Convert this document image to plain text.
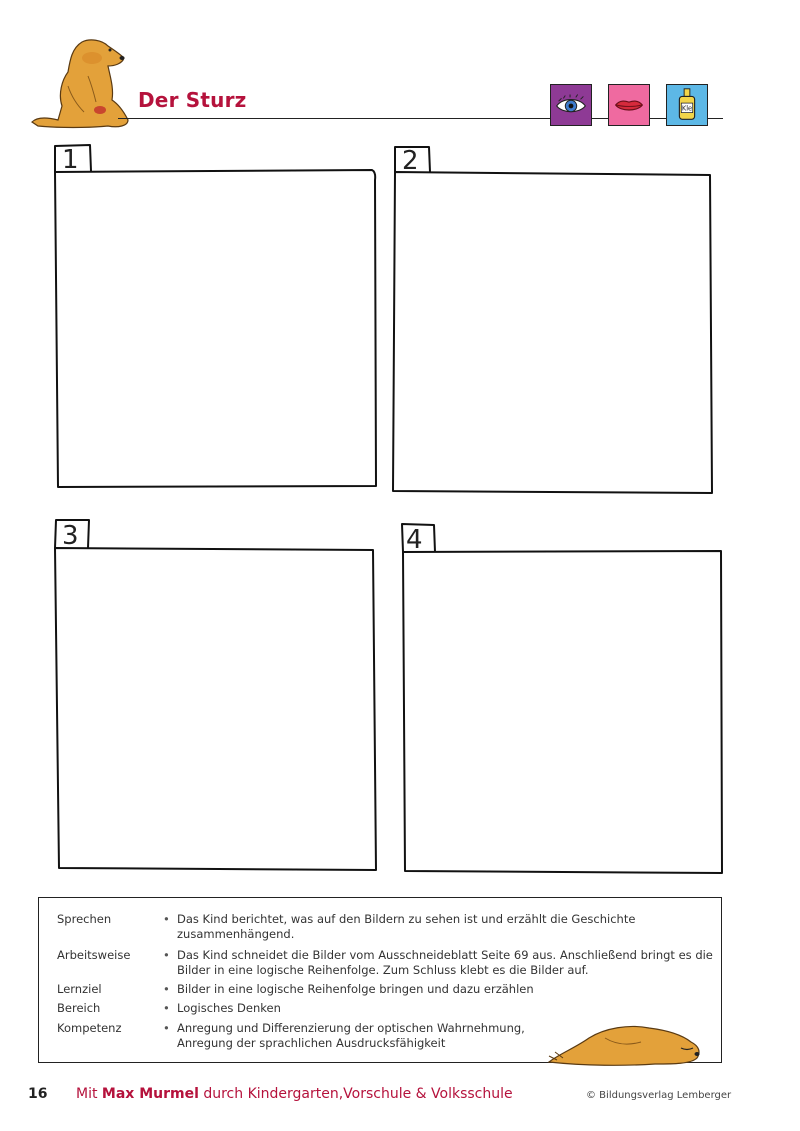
Der Sturz	Kle
1	2
3	4
Sprechen	• Das Kind berichtet, was auf den Bildern zu sehen ist und erzählt die Geschichte
zusammenhängend.
Arbeitsweise	• Das Kind schneidet die Bilder vom Ausschneideblatt Seite 69 aus. Anschließend bringt es die
Bilder in eine logische Reihenfolge. Zum Schluss klebt es die Bilder auf.
Lernziel	• Bilder in eine logische Reihenfolge bringen und dazu erzählen
Bereich	• Logisches Denken
Kompetenz	• Anregung und Differenzierung der optischen Wahrnehmung,
Anregung der sprachlichen Ausdrucksfähigkeit
16 Mit Max Murmel durch Kindergarten,Vorschule & Volksschule	© Bildungsverlag Lemberger
